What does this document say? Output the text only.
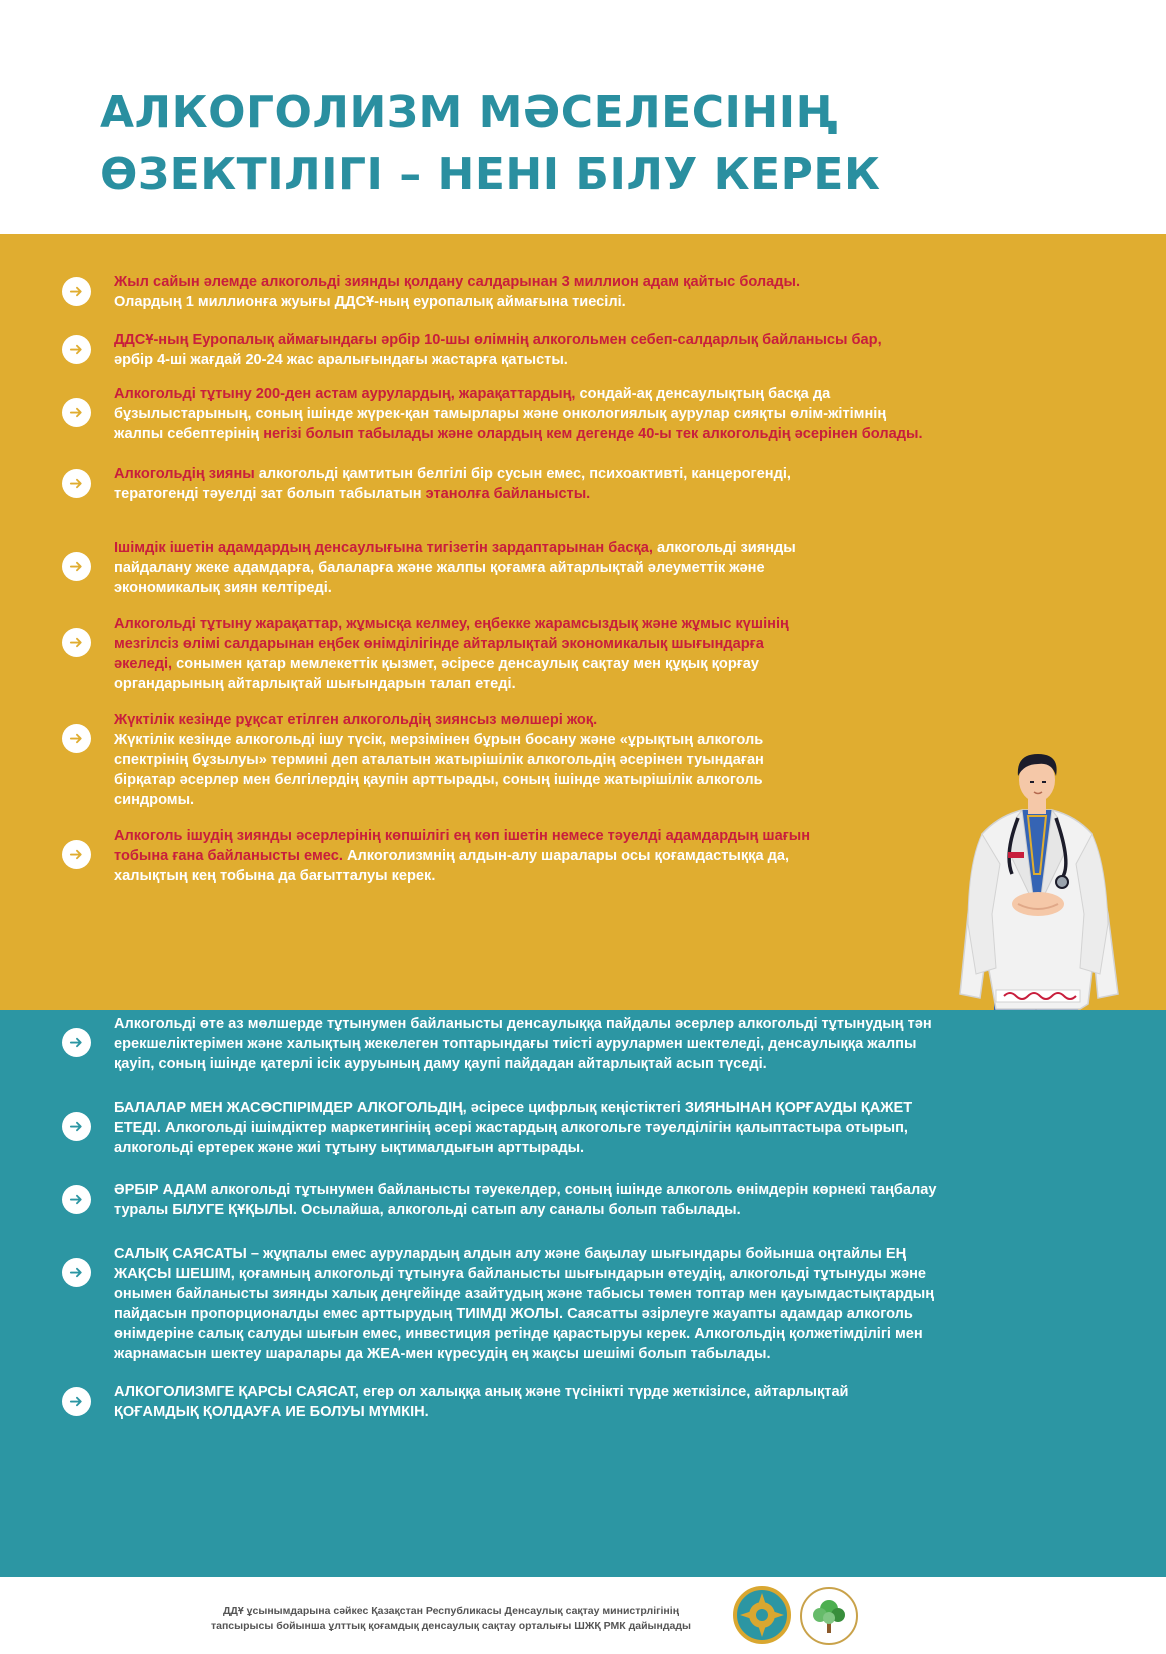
АЛКОГОЛИЗМ МӘСЕЛЕСІНІҢ
ӨЗЕКТІЛІГІ – НЕНІ БІЛУ КЕРЕК
Жыл сайын әлемде алкогольді зиянды қолдану салдарынан 3 миллион адам қайтыс болады.
Олардың 1 миллионға жуығы ДДСҰ-ның еуропалық аймағына тиесілі.
ДДСҰ-ның Еуропалық аймағындағы әрбір 10-шы өлімнің алкогольмен себеп-салдарлық байланысы бар,
әрбір 4-ші жағдай 20-24 жас аралығындағы жастарға қатысты.
Алкогольді тұтыну 200-ден астам аурулардың, жарақаттардың, сондай-ақ денсаулықтың басқа да
бұзылыстарының, соның ішінде жүрек-қан тамырлары және онкологиялық аурулар сияқты өлім-жітімнің
жалпы себептерінің негізі болып табылады және олардың кем дегенде 40-ы тек алкогольдің әсерінен болады.
Алкогольдің зияны алкогольді қамтитын белгілі бір сусын емес, психоактивті, канцерогенді,
тератогенді тәуелді зат болып табылатын этанолға байланысты.
Ішімдік ішетін адамдардың денсаулығына тигізетін зардаптарынан басқа, алкогольді зиянды
пайдалану жеке адамдарға, балаларға және жалпы қоғамға айтарлықтай әлеуметтік және
экономикалық зиян келтіреді.
Алкогольді тұтыну жарақаттар, жұмысқа келмеу, еңбекке жарамсыздық және жұмыс күшінің
мезгілсіз өлімі салдарынан еңбек өнімділігінде айтарлықтай экономикалық шығындарға
әкеледі, сонымен қатар мемлекеттік қызмет, әсіресе денсаулық сақтау мен құқық қорғау
органдарының айтарлықтай шығындарын талап етеді.
Жүктілік кезінде рұқсат етілген алкогольдің зиянсыз мөлшері жоқ.
Жүктілік кезінде алкогольді ішу түсік, мерзімінен бұрын босану және «ұрықтың алкоголь
спектрінің бұзылуы» термині деп аталатын жатырішілік алкогольдің әсерінен туындаған
бірқатар әсерлер мен белгілердің қаупін арттырады, соның ішінде жатырішілік алкоголь
синдромы.
Алкоголь ішудің зиянды әсерлерінің көпшілігі ең көп ішетін немесе тәуелді адамдардың шағын
тобына ғана байланысты емес. Алкоголизмнің алдын-алу шаралары осы қоғамдастыққа да,
халықтың кең тобына да бағытталуы керек.
Алкогольді өте аз мөлшерде тұтынумен байланысты денсаулыққа пайдалы әсерлер алкогольді тұтынудың тән
ерекшеліктерімен және халықтың жекелеген топтарындағы тиісті аурулармен шектеледі, денсаулыққа жалпы
қауіп, соның ішінде қатерлі ісік ауруының даму қаупі пайдадан айтарлықтай асып түседі.
БАЛАЛАР МЕН ЖАСӨСПІРІМДЕР АЛКОГОЛЬДІҢ, әсіресе цифрлық кеңістіктегі ЗИЯНЫНАН ҚОРҒАУДЫ ҚАЖЕТ
ЕТЕДІ. Алкогольді ішімдіктер маркетингінің әсері жастардың алкогольге тәуелділігін қалыптастыра отырып,
алкогольді ертерек және жиі тұтыну ықтималдығын арттырады.
ӘРБІР АДАМ алкогольді тұтынумен байланысты тәуекелдер, соның ішінде алкоголь өнімдерін көрнекі таңбалау
туралы БІЛУГЕ ҚҰҚЫЛЫ. Осылайша, алкогольді сатып алу саналы болып табылады.
САЛЫҚ САЯСАТЫ – жұқпалы емес аурулардың алдын алу және бақылау шығындары бойынша оңтайлы ЕҢ
ЖАҚСЫ ШЕШІМ, қоғамның алкогольді тұтынуға байланысты шығындарын өтеудің, алкогольді тұтынуды және
онымен байланысты зиянды халық деңгейінде азайтудың және табысы төмен топтар мен қауымдастықтардың
пайдасын пропорционалды емес арттырудың ТИІМДІ ЖОЛЫ. Саясатты әзірлеуге жауапты адамдар алкоголь
өнімдеріне салық салуды шығын емес, инвестиция ретінде қарастыруы керек. Алкогольдің қолжетімділігі мен
жарнамасын шектеу шаралары да ЖЕА-мен күресудің ең жақсы шешімі болып табылады.
АЛКОГОЛИЗМГЕ ҚАРСЫ САЯСАТ, егер ол халыққа анық және түсінікті түрде жеткізілсе, айтарлықтай
ҚОҒАМДЫҚ ҚОЛДАУҒА ИЕ БОЛУЫ МҮМКІН.
ДДҰ ұсынымдарына сәйкес Қазақстан Республикасы Денсаулық сақтау министрлігінің
тапсырысы бойынша ұлттық қоғамдық денсаулық сақтау орталығы ШЖҚ РМК дайындады
